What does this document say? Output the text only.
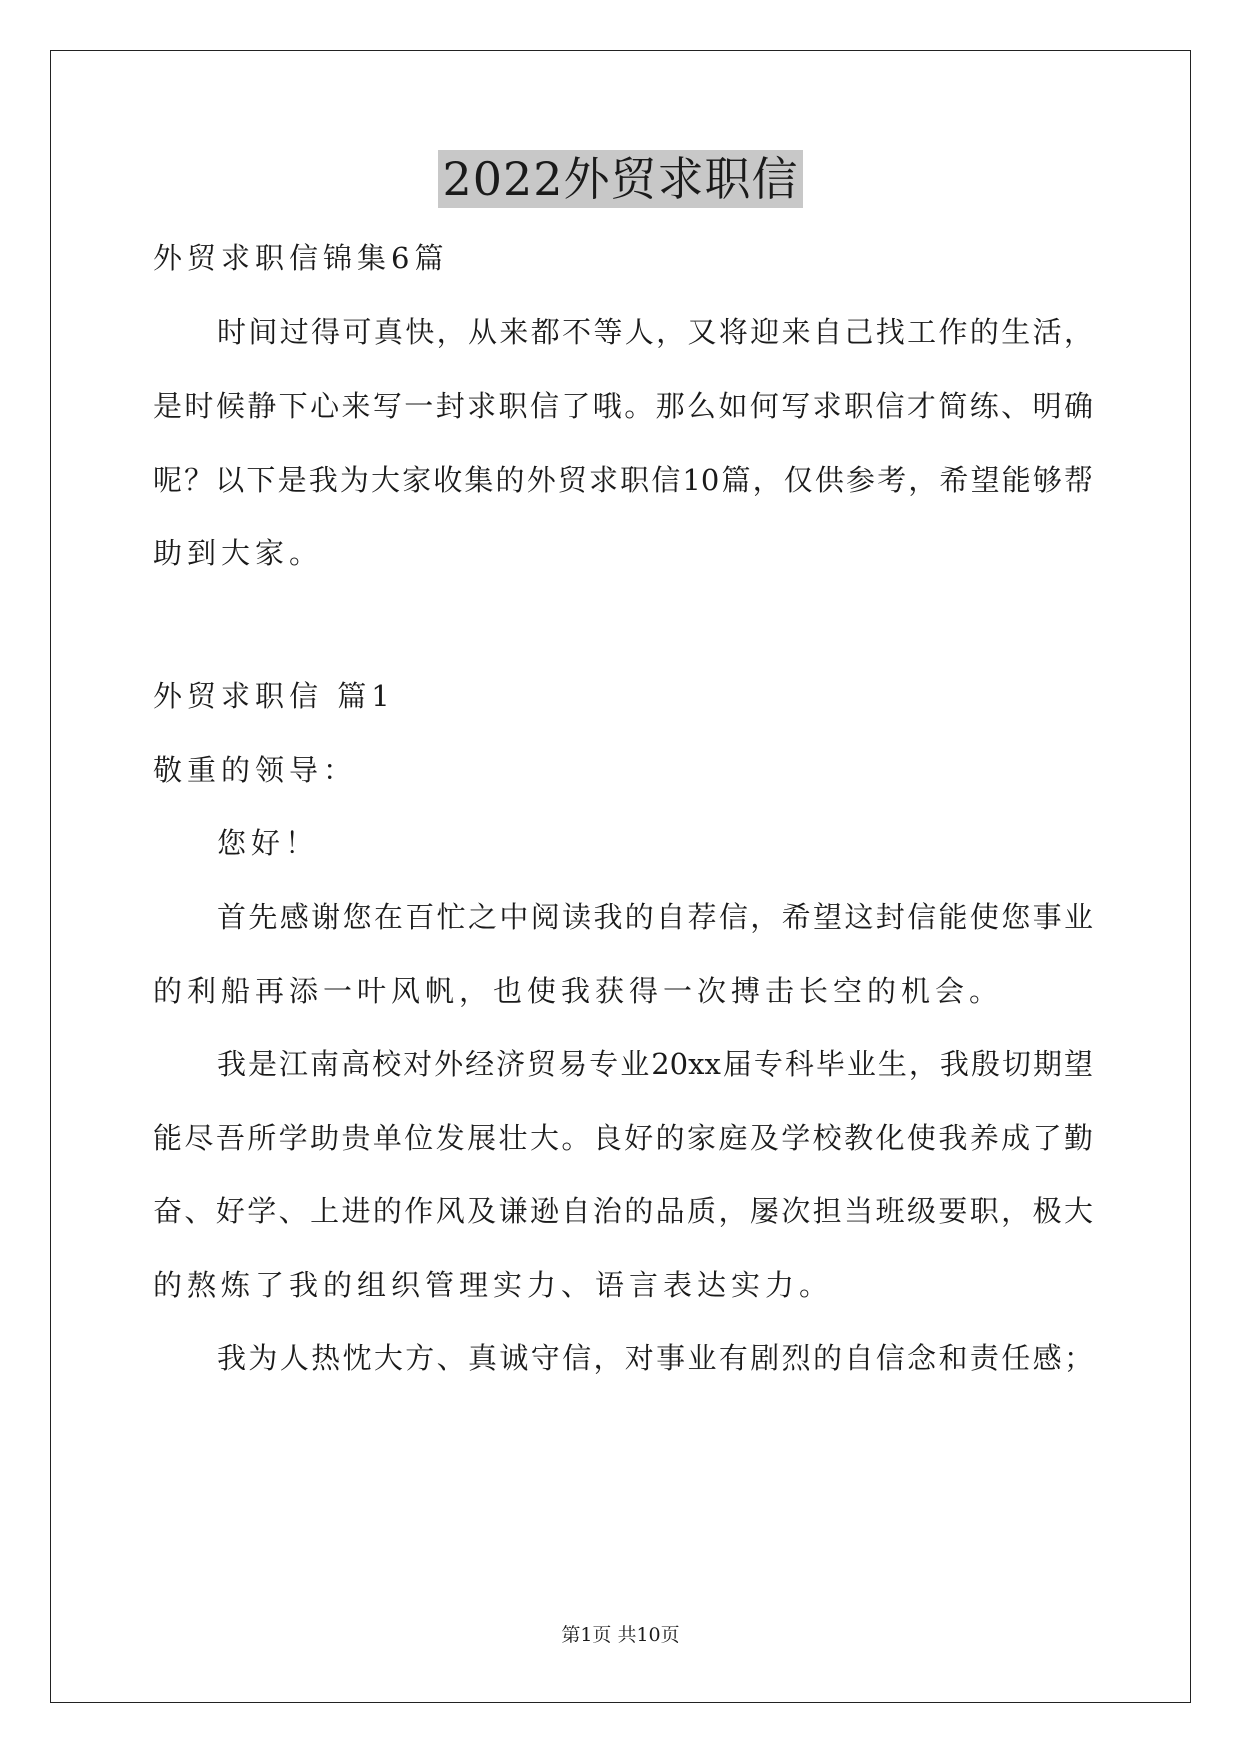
2022外贸求职信
外贸求职信锦集6篇
时间过得可真快，从来都不等人，又将迎来自己找工作的生活，
是时候静下心来写一封求职信了哦。那么如何写求职信才简练、明确
呢？以下是我为大家收集的外贸求职信10篇，仅供参考，希望能够帮
助到大家。
外贸求职信 篇1
敬重的领导：
您好！
首先感谢您在百忙之中阅读我的自荐信，希望这封信能使您事业
的利船再添一叶风帆，也使我获得一次搏击长空的机会。
我是江南高校对外经济贸易专业20xx届专科毕业生，我殷切期望
能尽吾所学助贵单位发展壮大。良好的家庭及学校教化使我养成了勤
奋、好学、上进的作风及谦逊自治的品质，屡次担当班级要职，极大
的熬炼了我的组织管理实力、语言表达实力。
我为人热忱大方、真诚守信，对事业有剧烈的自信念和责任感；
第1页 共10页
